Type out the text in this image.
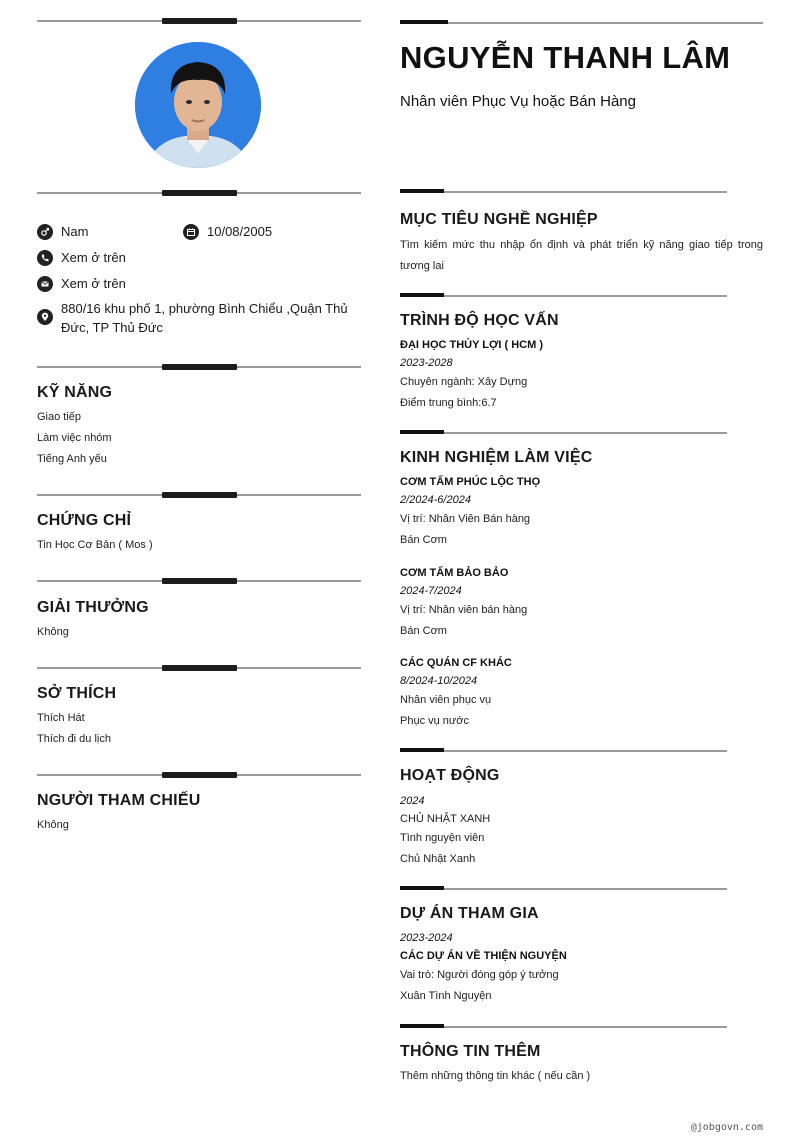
Nam	10/08/2005
Xem ở trên
Xem ở trên
880/16 khu phố 1, phường Bình Chiểu ,Quận Thủ
Đức, TP Thủ Đức
KỸ NĂNG
Giao tiếp
Làm việc nhóm
Tiếng Anh yếu
CHỨNG CHỈ
Tin Học Cơ Bản ( Mos )
GIẢI THƯỞNG
Không
SỞ THÍCH
Thích Hát
Thích đi du lịch
NGƯỜI THAM CHIẾU
Không
NGUYỄN THANH LÂM
Nhân viên Phục Vụ hoặc Bán Hàng
MỤC TIÊU NGHỀ NGHIỆP
Tìm kiếm mức thu nhập ổn định và phát triển kỹ năng giao tiếp trong tương lai
TRÌNH ĐỘ HỌC VẤN
ĐẠI HỌC THỦY LỢI ( HCM )
2023-2028
Chuyên ngành: Xây Dựng
Điểm trung bình:6.7
KINH NGHIỆM LÀM VIỆC
CƠM TẤM PHÚC LỘC THỌ
2/2024-6/2024
Vị trí: Nhân Viên Bán hàng
Bán Cơm
CƠM TẤM BẢO BẢO
2024-7/2024
Vị trí: Nhân viên bán hàng
Bán Cơm
CÁC QUÁN CF KHÁC
8/2024-10/2024
Nhân viên phục vụ
Phục vụ nước
HOẠT ĐỘNG
2024
CHỦ NHẬT XANH
Tình nguyện viên
Chủ Nhật Xanh
DỰ ÁN THAM GIA
2023-2024
CÁC DỰ ÁN VỀ THIỆN NGUYỆN
Vai trò: Người đóng góp ý tưởng
Xuân Tình Nguyện
THÔNG TIN THÊM
Thêm những thông tin khác ( nếu cần )
@jobgovn.com
